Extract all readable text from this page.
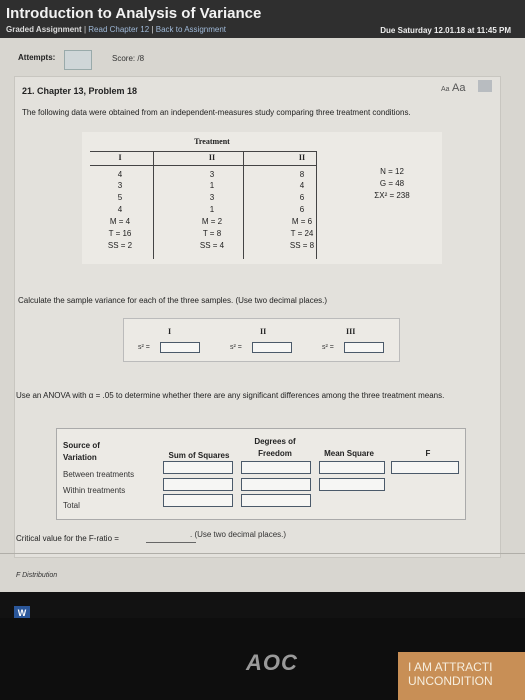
Introduction to Analysis of Variance
Graded Assignment | Read Chapter 12 | Back to Assignment	Due Saturday 12.01.18 at 11:45 PM
Attempts:	Score: /8
21. Chapter 13, Problem 18	Aa Aa
The following data were obtained from an independent-measures study comparing three treatment conditions.
Treatment
I	II	II
4	3	8
3	1	4
5	3	6
4	1	6
M = 4	M = 2	M = 6
T = 16	T = 8	T = 24
SS = 2	SS = 4	SS = 8
N = 12
G = 48
ΣX² = 238
Calculate the sample variance for each of the three samples. (Use two decimal places.)
I	II	III
s² =	s² =	s² =
Use an ANOVA with α = .05 to determine whether there are any significant differences among the three treatment means.
Source of
Variation	Sum of Squares
Degrees of
Freedom	Mean Square	F
Between treatments
Within treatments
Total
Critical value for the F-ratio =	. (Use two decimal places.)
F Distribution
W
AOC	I AM ATTRACTI
UNCONDITION
